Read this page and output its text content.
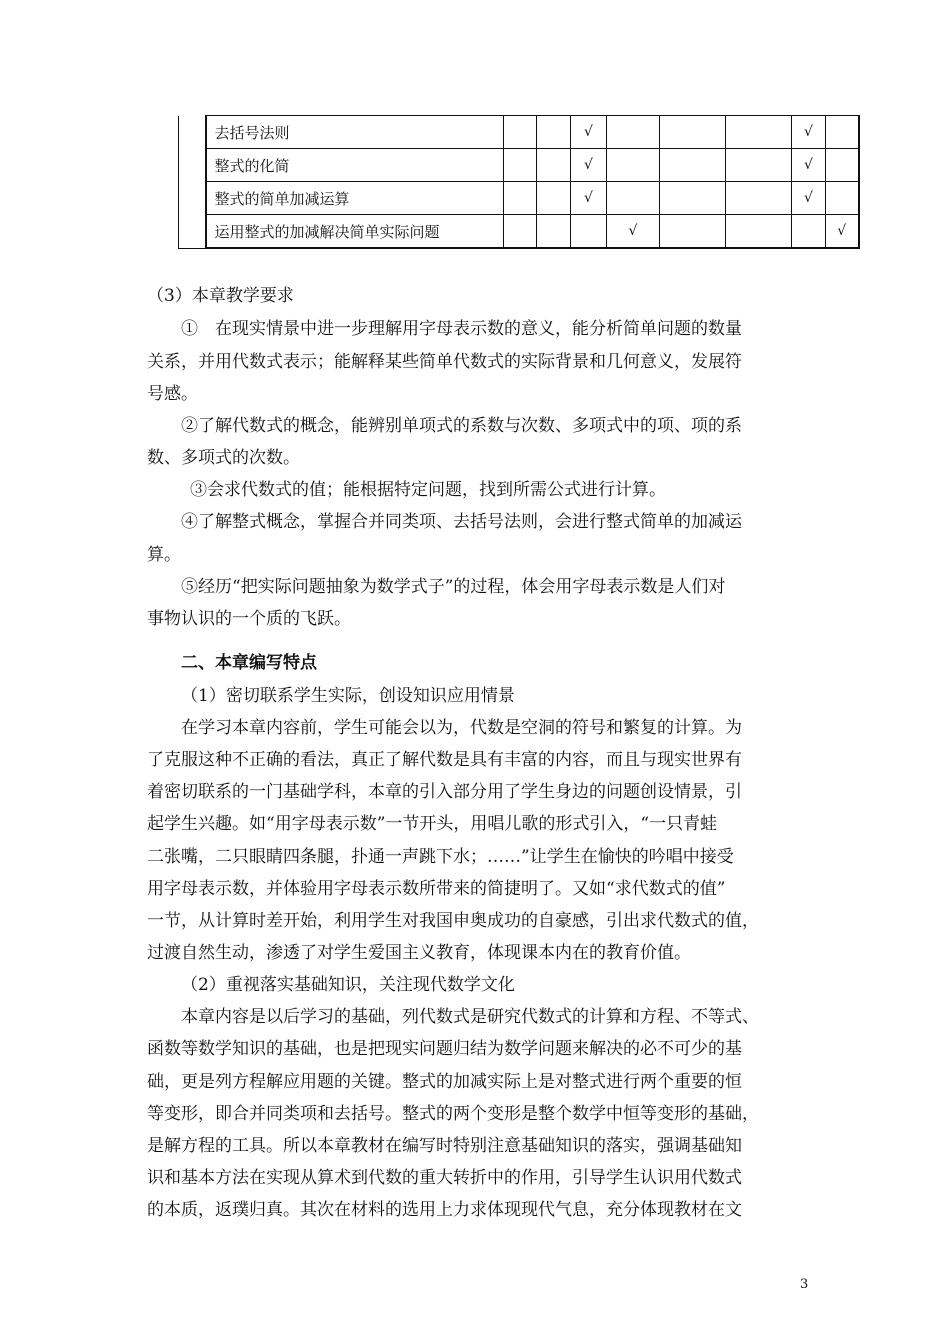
	去括号法则			√				√	
	整式的化简			√				√	
	整式的简单加减运算			√				√	
	运用整式的加减解决简单实际问题				√				√
（3）本章教学要求
①　在现实情景中进一步理解用字母表示数的意义，能分析简单问题的数量
关系，并用代数式表示；能解释某些简单代数式的实际背景和几何意义，发展符
号感。
②了解代数式的概念，能辨别单项式的系数与次数、多项式中的项、项的系
数、多项式的次数。
③会求代数式的值；能根据特定问题，找到所需公式进行计算。
④了解整式概念，掌握合并同类项、去括号法则，会进行整式简单的加减运
算。
⑤经历“把实际问题抽象为数学式子”的过程，体会用字母表示数是人们对
事物认识的一个质的飞跃。
二、本章编写特点
（1）密切联系学生实际，创设知识应用情景
在学习本章内容前，学生可能会以为，代数是空洞的符号和繁复的计算。为
了克服这种不正确的看法，真正了解代数是具有丰富的内容，而且与现实世界有
着密切联系的一门基础学科，本章的引入部分用了学生身边的问题创设情景，引
起学生兴趣。如“用字母表示数”一节开头，用唱儿歌的形式引入，“一只青蛙
二张嘴，二只眼睛四条腿，扑通一声跳下水；……”让学生在愉快的吟唱中接受
用字母表示数，并体验用字母表示数所带来的简捷明了。又如“求代数式的值”
一节，从计算时差开始，利用学生对我国申奥成功的自豪感，引出求代数式的值，
过渡自然生动，渗透了对学生爱国主义教育，体现课本内在的教育价值。
（2）重视落实基础知识，关注现代数学文化
本章内容是以后学习的基础，列代数式是研究代数式的计算和方程、不等式、
函数等数学知识的基础，也是把现实问题归结为数学问题来解决的必不可少的基
础，更是列方程解应用题的关键。整式的加减实际上是对整式进行两个重要的恒
等变形，即合并同类项和去括号。整式的两个变形是整个数学中恒等变形的基础，
是解方程的工具。所以本章教材在编写时特别注意基础知识的落实，强调基础知
识和基本方法在实现从算术到代数的重大转折中的作用，引导学生认识用代数式
的本质，返璞归真。其次在材料的选用上力求体现现代气息，充分体现教材在文
3
